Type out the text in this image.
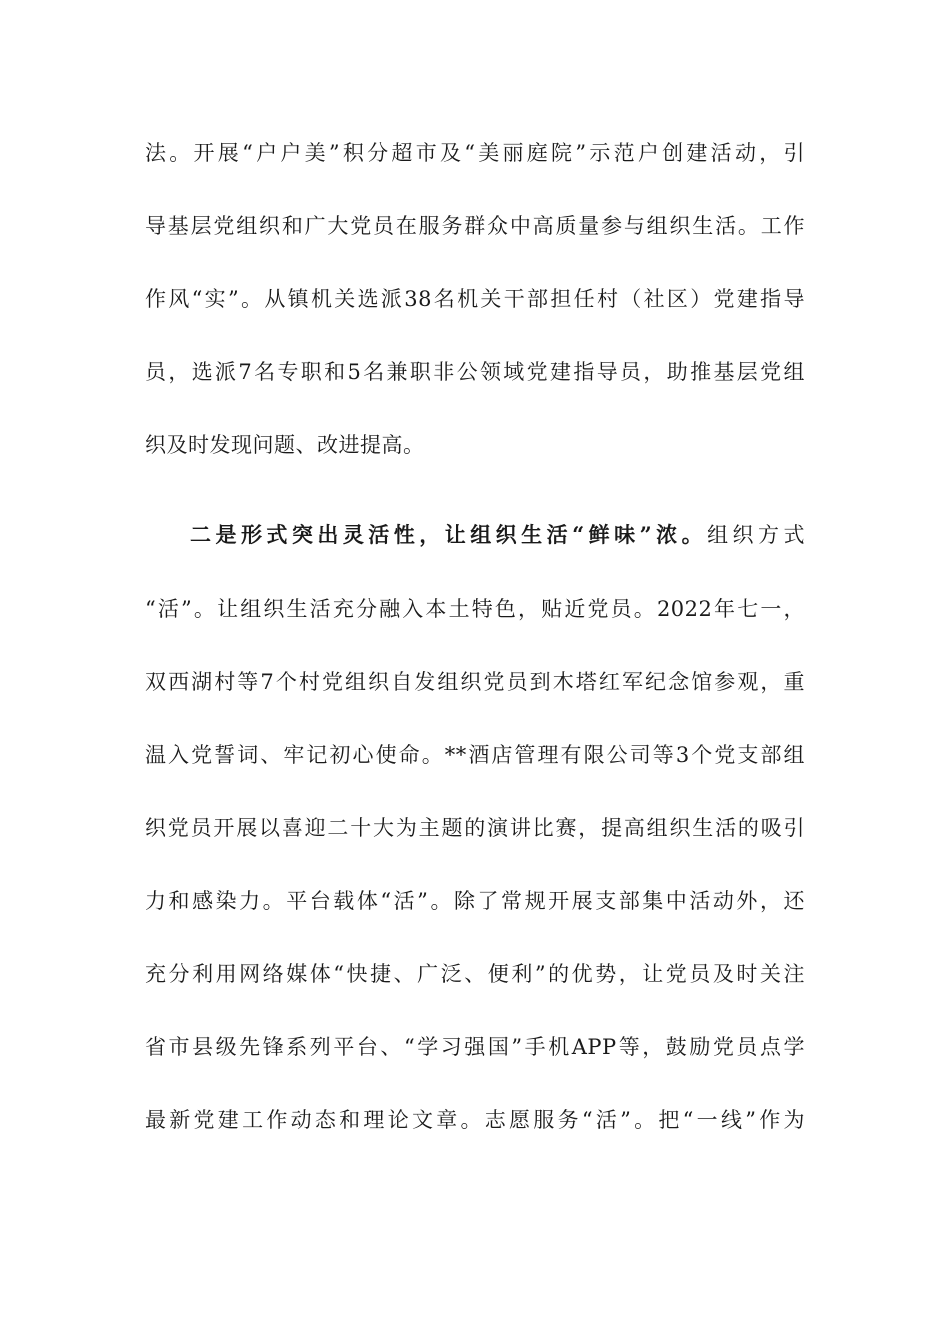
法。开展“户户美”积分超市及“美丽庭院”示范户创建活动，引
导基层党组织和广大党员在服务群众中高质量参与组织生活。工作
作风“实”。从镇机关选派38名机关干部担任村（社区）党建指导
员，选派7名专职和5名兼职非公领域党建指导员，助推基层党组
织及时发现问题、改进提高。
二是形式突出灵活性，让组织生活“鲜味”浓。组织方式
“活”。让组织生活充分融入本土特色，贴近党员。2022年七一，
双西湖村等7个村党组织自发组织党员到木塔红军纪念馆参观，重
温入党誓词、牢记初心使命。**酒店管理有限公司等3个党支部组
织党员开展以喜迎二十大为主题的演讲比赛，提高组织生活的吸引
力和感染力。平台载体“活”。除了常规开展支部集中活动外，还
充分利用网络媒体“快捷、广泛、便利”的优势，让党员及时关注
省市县级先锋系列平台、“学习强国”手机APP等，鼓励党员点学
最新党建工作动态和理论文章。志愿服务“活”。把“一线”作为
